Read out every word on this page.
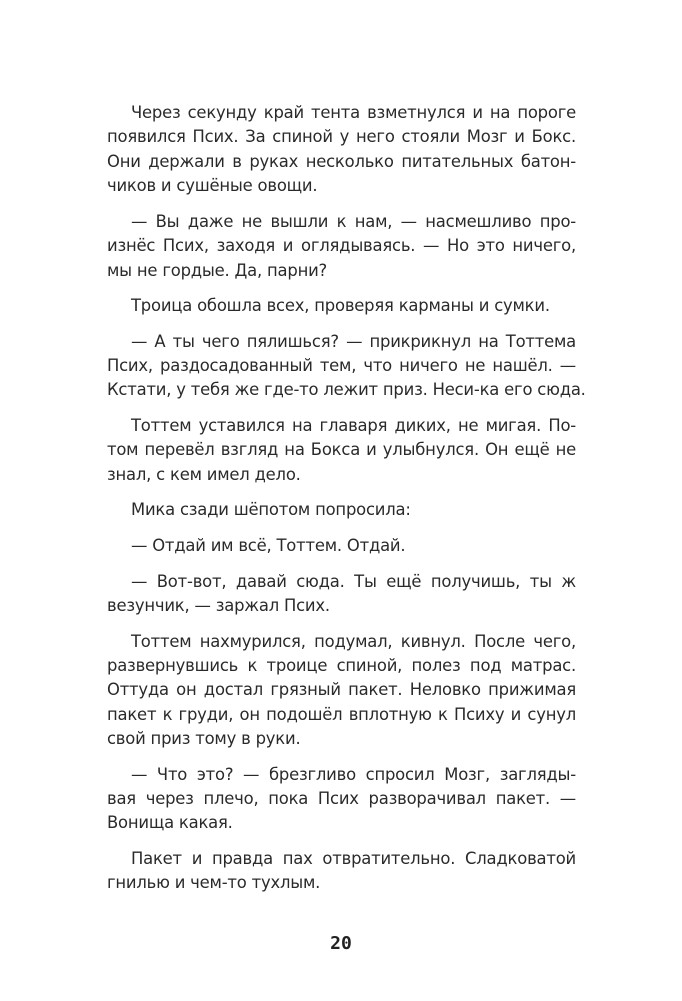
Через секунду край тента взметнулся и на пороге
появился Псих. За спиной у него стояли Мозг и Бокс.
Они держали в руках несколько питательных батон-
чиков и сушёные овощи.
— Вы даже не вышли к нам, — насмешливо про-
изнёс Псих, заходя и оглядываясь. — Но это ничего,
мы не гордые. Да, парни?
Троица обошла всех, проверяя карманы и сумки.
— А ты чего пялишься? — прикрикнул на Тоттема
Псих, раздосадованный тем, что ничего не нашёл. —
Кстати, у тебя же где-то лежит приз. Неси-ка его сюда.
Тоттем уставился на главаря диких, не мигая. По-
том перевёл взгляд на Бокса и улыбнулся. Он ещё не
знал, с кем имел дело.
Мика сзади шёпотом попросила:
— Отдай им всё, Тоттем. Отдай.
— Вот-вот, давай сюда. Ты ещё получишь, ты ж
везунчик, — заржал Псих.
Тоттем нахмурился, подумал, кивнул. После чего,
развернувшись к троице спиной, полез под матрас.
Оттуда он достал грязный пакет. Неловко прижимая
пакет к груди, он подошёл вплотную к Психу и сунул
свой приз тому в руки.
— Что это? — брезгливо спросил Мозг, загляды-
вая через плечо, пока Псих разворачивал пакет. —
Вонища какая.
Пакет и правда пах отвратительно. Сладковатой
гнилью и чем-то тухлым.
20
